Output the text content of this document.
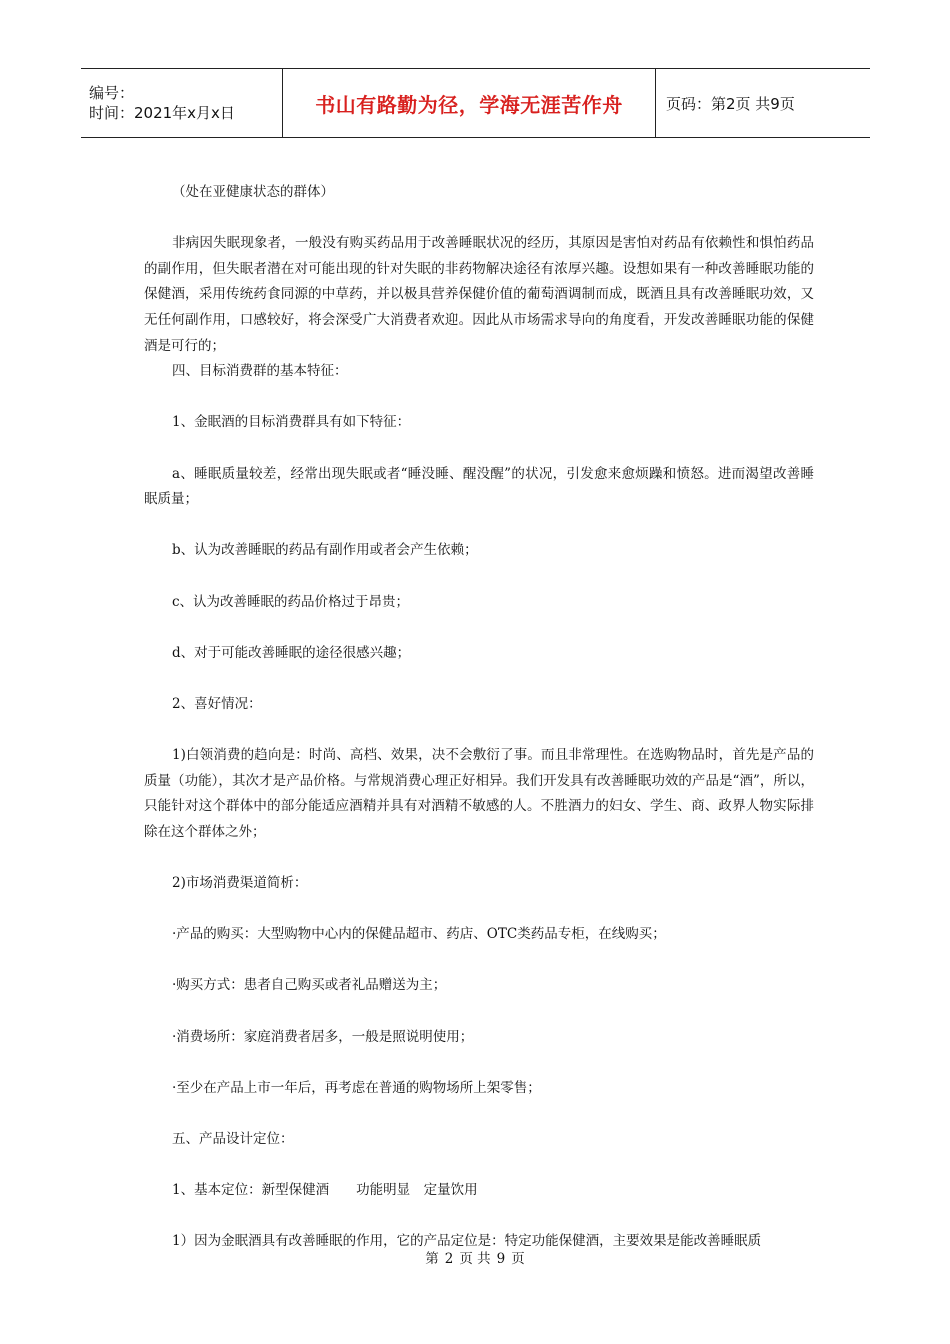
编号：
时间：2021年x月x日	书山有路勤为径，学海无涯苦作舟	页码：第2页 共9页

（处在亚健康状态的群体）

非病因失眠现象者，一般没有购买药品用于改善睡眠状况的经历，其原因是害怕对药品有依赖性和惧怕药品的副作用，但失眠者潜在对可能出现的针对失眠的非药物解决途径有浓厚兴趣。设想如果有一种改善睡眠功能的保健酒，采用传统药食同源的中草药，并以极具营养保健价值的葡萄酒调制而成，既酒且具有改善睡眠功效，又无任何副作用，口感较好，将会深受广大消费者欢迎。因此从市场需求导向的角度看，开发改善睡眠功能的保健酒是可行的；

四、目标消费群的基本特征：

1、金眠酒的目标消费群具有如下特征：

a、睡眠质量较差，经常出现失眠或者“睡没睡、醒没醒”的状况，引发愈来愈烦躁和愤怒。进而渴望改善睡眠质量；

b、认为改善睡眠的药品有副作用或者会产生依赖；

c、认为改善睡眠的药品价格过于昂贵；

d、对于可能改善睡眠的途径很感兴趣；

2、喜好情况：

1)白领消费的趋向是：时尚、高档、效果，决不会敷衍了事。而且非常理性。在选购物品时，首先是产品的质量（功能），其次才是产品价格。与常规消费心理正好相异。我们开发具有改善睡眠功效的产品是“酒”，所以，只能针对这个群体中的部分能适应酒精并具有对酒精不敏感的人。不胜酒力的妇女、学生、商、政界人物实际排除在这个群体之外；

2)市场消费渠道简析：

·产品的购买：大型购物中心内的保健品超市、药店、OTC类药品专柜，在线购买；

·购买方式：患者自己购买或者礼品赠送为主；

·消费场所：家庭消费者居多，一般是照说明使用；

·至少在产品上市一年后，再考虑在普通的购物场所上架零售；

五、产品设计定位：

1、基本定位：新型保健酒　　功能明显　定量饮用

1）因为金眠酒具有改善睡眠的作用，它的产品定位是：特定功能保健酒，主要效果是能改善睡眠质

第 2 页 共 9 页
